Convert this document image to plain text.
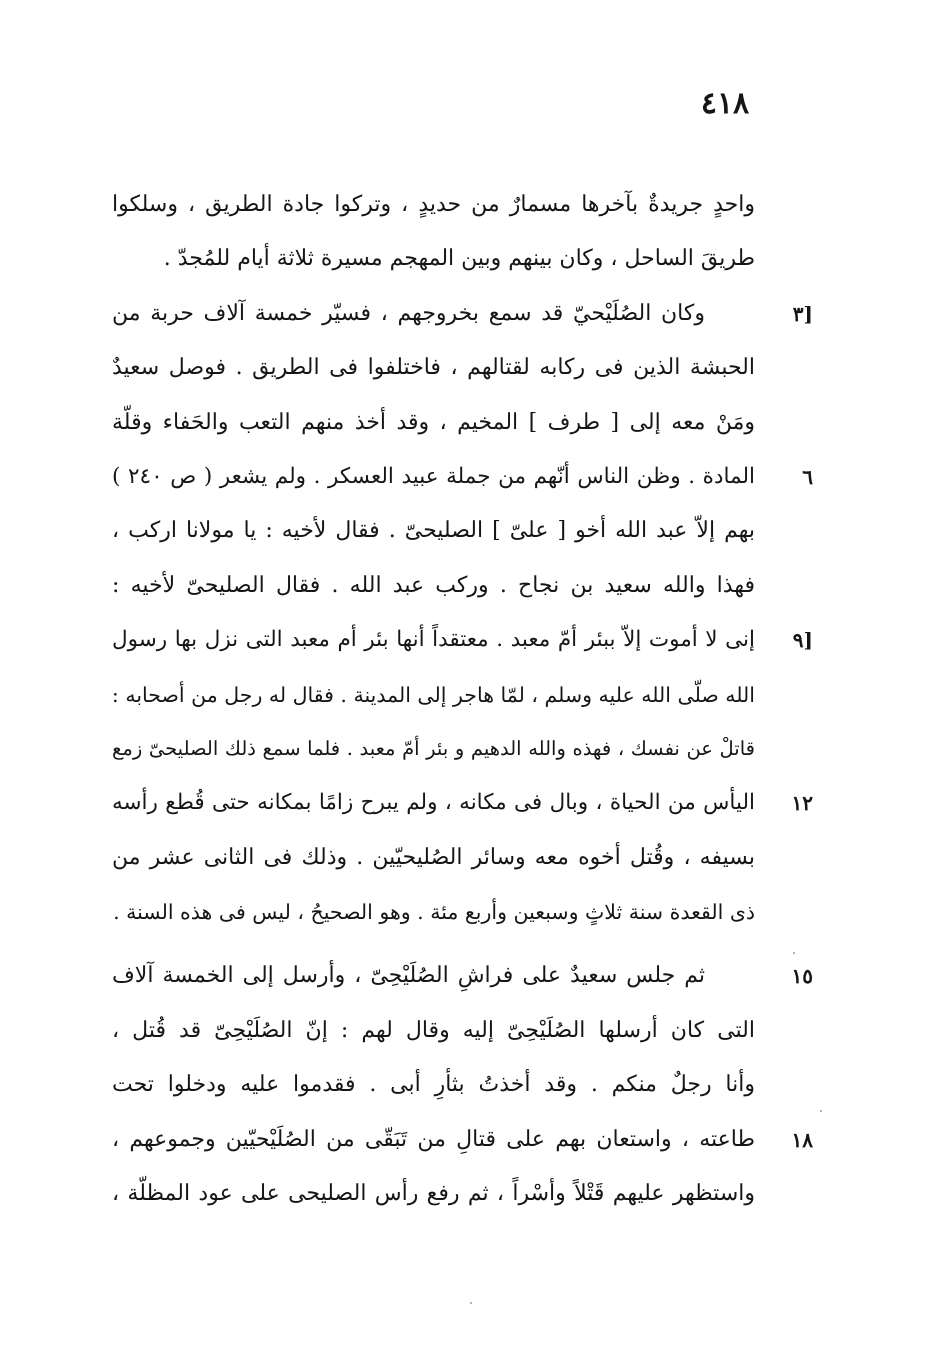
٤١٨
واحدٍ جريدةٌ بآخرها مسمارٌ من حديدٍ ، وتركوا جادة الطريق ، وسلكوا
طريقَ الساحل ، وكان بينهم وبين المهجم مسيرة ثلاثة أيام للمُجدّ .
[٣
وكان الصُلَيْحيّ قد سمع بخروجهم ، فسيّر خمسة آلاف حربة من
الحبشة الذين فى ركابه لقتالهم ، فاختلفوا فى الطريق . فوصل سعيدٌ
ومَنْ معه إلى [ طرف ] المخيم ، وقد أخذ منهم التعب والحَفاء وقلّة
٦
المادة . وظن الناس أنّهم من جملة عبيد العسكر . ولم يشعر ( ص ٢٤٠ )
بهم إلاّ عبد الله أخو [ علىّ ] الصليحىّ . فقال لأخيه : يا مولانا اركب ،
فهذا والله سعيد بن نجاح . وركب عبد الله . فقال الصليحىّ لأخيه :
[٩
إنى لا أموت إلاّ ببئر أمّ معبد . معتقداً أنها بئر أم معبد التى نزل بها رسول
الله صلّى الله عليه وسلم ، لمّا هاجر إلى المدينة . فقال له رجل من أصحابه :
قاتلْ عن نفسك ، فهذه والله الدهيم و بئر أمّ معبد . فلما سمع ذلك الصليحىّ زمع
١٢
اليأس من الحياة ، وبال فى مكانه ، ولم يبرح زامًا بمكانه حتى قُطع رأسه
بسيفه ، وقُتل أخوه معه وسائر الصُليحيّين . وذلك فى الثانى عشر من
ذى القعدة سنة ثلاثٍ وسبعين وأربع مئة . وهو الصحيحُ ، ليس فى هذه السنة .
١٥
ثم جلس سعيدٌ على فراشِ الصُلَيْحِىّ ، وأرسل إلى الخمسة آلاف
التى كان أرسلها الصُلَيْحِىّ إليه وقال لهم : إنّ الصُلَيْحِىّ قد قُتل ،
وأنا رجلٌ منكم . وقد أخذتُ بثأرِ أبى . فقدموا عليه ودخلوا تحت
١٨
طاعته ، واستعان بهم على قتالِ من تَبَقّى من الصُلَيْحيّين وجموعهم ،
واستظهر عليهم قَتْلاً وأسْراً ، ثم رفع رأس الصليحى على عود المظلّة ،
